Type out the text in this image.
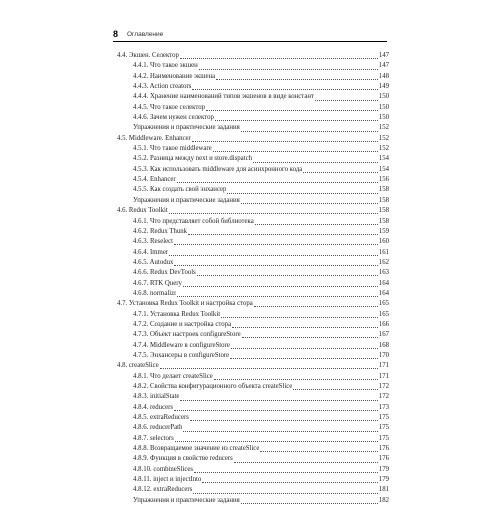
8	Оглавление
4.4. Экшен. Селектор	147
4.4.1. Что такое экшен	147
4.4.2. Наименование экшена	148
4.4.3. Action creators	149
4.4.4. Хранение наименований типов экшенов в виде констант	150
4.4.5. Что такое селектор	150
4.4.6. Зачем нужен селектор	150
Упражнения и практические задания	152
4.5. Middleware. Enhancer	152
4.5.1. Что такое middleware	152
4.5.2. Разница между next и store.dispatch	154
4.5.3. Как использовать middleware для асинхронного кода	154
4.5.4. Enhancer	156
4.5.5. Как создать свой энхансер	158
Упражнения и практические задания	158
4.6. Redux Toolkit	158
4.6.1. Что представляет собой библиотека	158
4.6.2. Redux Thunk	159
4.6.3. Reselect	160
4.6.4. Immer	161
4.6.5. Autodux	162
4.6.6. Redux DevTools	163
4.6.7. RTK Query	164
4.6.8. normalizr	164
4.7. Установка Redux Toolkit и настройка стора	165
4.7.1. Установка Redux Toolkit	165
4.7.2. Создание и настройка стора	166
4.7.3. Объект настроек configureStore	167
4.7.4. Middleware в configureStore	168
4.7.5. Энхансеры в configureStore	170
4.8. createSlice	171
4.8.1. Что делает createSlice	171
4.8.2. Свойства конфигурационного объекта createSlice	172
4.8.3. initialState	172
4.8.4. reducers	173
4.8.5. extraReducers	175
4.8.6. reducerPath	175
4.8.7. selectors	175
4.8.8. Возвращаемое значение из createSlice	176
4.8.9. Функция в свойстве reducers	176
4.8.10. combineSlices	179
4.8.11. inject и injectInto	179
4.8.12. extraReducers	181
Упражнения и практические задания	182
